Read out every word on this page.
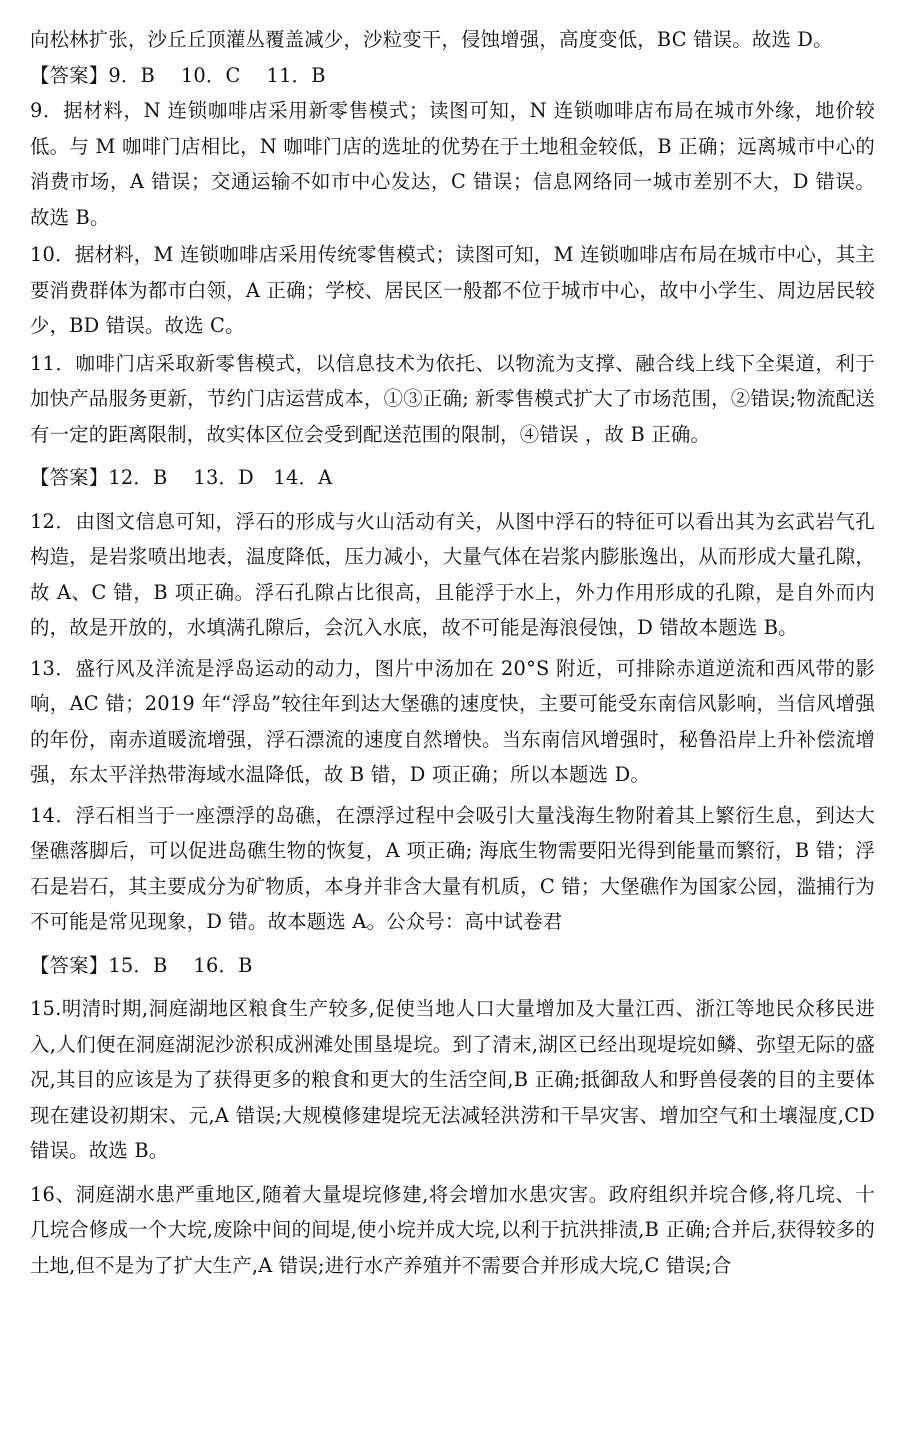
向松林扩张，沙丘丘顶灌丛覆盖减少，沙粒变干，侵蚀增强，高度变低，BC 错误。故选 D。

【答案】9．B　 10．C　 11．B

9．据材料，N 连锁咖啡店采用新零售模式；读图可知，N 连锁咖啡店布局在城市外缘，地价较低。与 M 咖啡门店相比，N 咖啡门店的选址的优势在于土地租金较低，B 正确；远离城市中心的消费市场，A 错误；交通运输不如市中心发达，C 错误；信息网络同一城市差别不大，D 错误。故选 B。

10．据材料，M 连锁咖啡店采用传统零售模式；读图可知，M 连锁咖啡店布局在城市中心，其主要消费群体为都市白领，A 正确；学校、居民区一般都不位于城市中心，故中小学生、周边居民较少，BD 错误。故选 C。

11．咖啡门店采取新零售模式，以信息技术为依托、以物流为支撑、融合线上线下全渠道，利于加快产品服务更新，节约门店运营成本，①③正确; 新零售模式扩大了市场范围，②错误;物流配送有一定的距离限制，故实体区位会受到配送范围的限制，④错误 ，故 B 正确。

【答案】12．B　 13．D　14．A

12．由图文信息可知，浮石的形成与火山活动有关，从图中浮石的特征可以看出其为玄武岩气孔构造，是岩浆喷出地表，温度降低，压力减小，大量气体在岩浆内膨胀逸出，从而形成大量孔隙，故 A、C 错，B 项正确。浮石孔隙占比很高，且能浮于水上，外力作用形成的孔隙，是自外而内的，故是开放的，水填满孔隙后，会沉入水底，故不可能是海浪侵蚀，D 错故本题选 B。

13．盛行风及洋流是浮岛运动的动力，图片中汤加在 20°S 附近，可排除赤道逆流和西风带的影响，AC 错；2019 年“浮岛”较往年到达大堡礁的速度快，主要可能受东南信风影响，当信风增强的年份，南赤道暖流增强，浮石漂流的速度自然增快。当东南信风增强时，秘鲁沿岸上升补偿流增强，东太平洋热带海域水温降低，故 B 错，D 项正确；所以本题选 D。

14．浮石相当于一座漂浮的岛礁，在漂浮过程中会吸引大量浅海生物附着其上繁衍生息，到达大堡礁落脚后，可以促进岛礁生物的恢复，A 项正确; 海底生物需要阳光得到能量而繁衍，B 错；浮石是岩石，其主要成分为矿物质，本身并非含大量有机质，C 错；大堡礁作为国家公园，滥捕行为不可能是常见现象，D 错。故本题选 A。公众号：高中试卷君

【答案】15．B　 16．B

15.明清时期,洞庭湖地区粮食生产较多,促使当地人口大量增加及大量江西、浙江等地民众移民进入,人们便在洞庭湖泥沙淤积成洲滩处围垦堤垸。到了清末,湖区已经出现堤垸如鳞、弥望无际的盛况,其目的应该是为了获得更多的粮食和更大的生活空间,B 正确;抵御敌人和野兽侵袭的目的主要体现在建设初期宋、元,A 错误;大规模修建堤垸无法减轻洪涝和干旱灾害、增加空气和土壤湿度,CD 错误。故选 B。

16、洞庭湖水患严重地区,随着大量堤垸修建,将会增加水患灾害。政府组织并垸合修,将几垸、十几垸合修成一个大垸,废除中间的间堤,使小垸并成大垸,以利于抗洪排渍,B 正确;合并后,获得较多的土地,但不是为了扩大生产,A 错误;进行水产养殖并不需要合并形成大垸,C 错误;合
